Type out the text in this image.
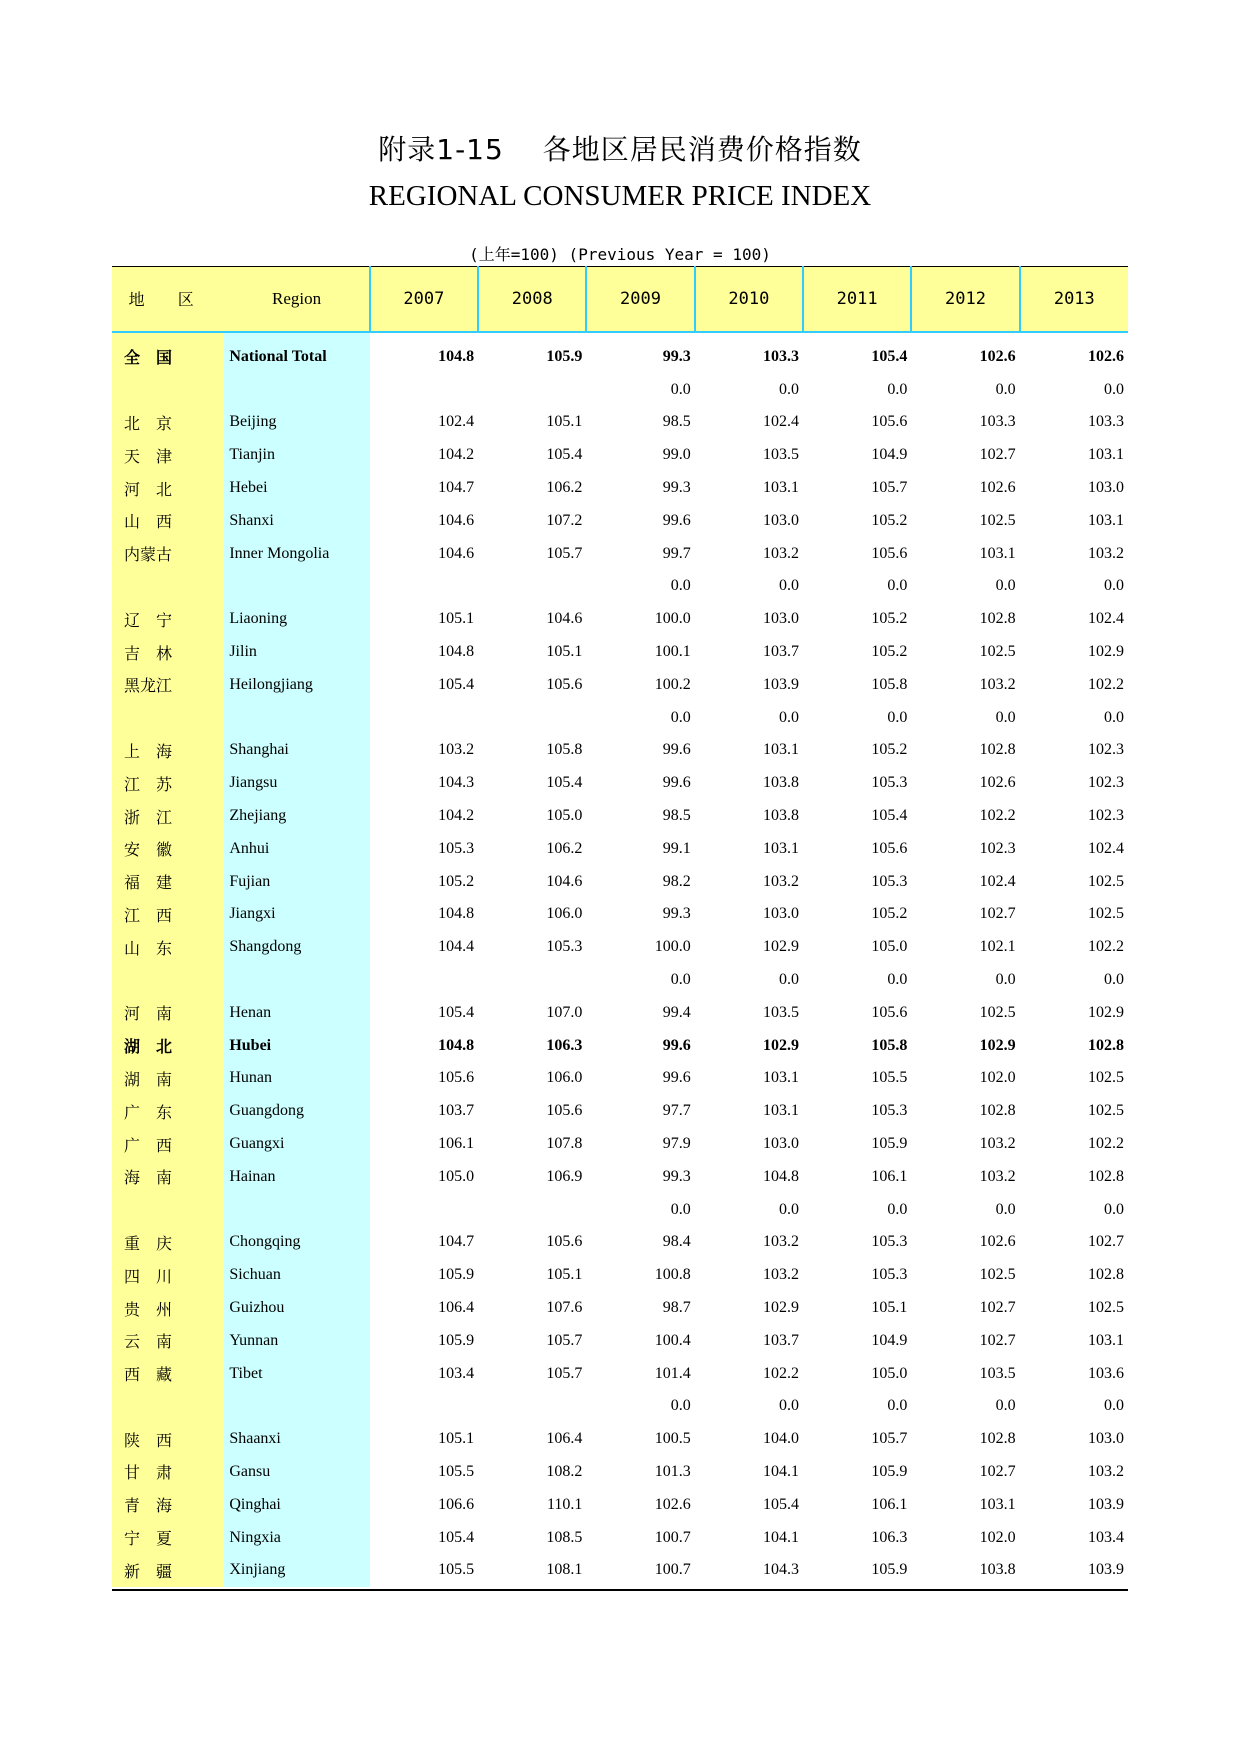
附录1-15　 各地区居民消费价格指数
REGIONAL CONSUMER PRICE INDEX
(上年=100) (Previous Year = 100)
地 区	Region	2007	2008	2009	2010	2011	2012	2013
全　国	National Total	104.8	105.9	99.3	103.3	105.4	102.6	102.6
				0.0	0.0	0.0	0.0	0.0
北　京	Beijing	102.4	105.1	98.5	102.4	105.6	103.3	103.3
天　津	Tianjin	104.2	105.4	99.0	103.5	104.9	102.7	103.1
河　北	Hebei	104.7	106.2	99.3	103.1	105.7	102.6	103.0
山　西	Shanxi	104.6	107.2	99.6	103.0	105.2	102.5	103.1
内蒙古	Inner Mongolia	104.6	105.7	99.7	103.2	105.6	103.1	103.2
				0.0	0.0	0.0	0.0	0.0
辽　宁	Liaoning	105.1	104.6	100.0	103.0	105.2	102.8	102.4
吉　林	Jilin	104.8	105.1	100.1	103.7	105.2	102.5	102.9
黑龙江	Heilongjiang	105.4	105.6	100.2	103.9	105.8	103.2	102.2
				0.0	0.0	0.0	0.0	0.0
上　海	Shanghai	103.2	105.8	99.6	103.1	105.2	102.8	102.3
江　苏	Jiangsu	104.3	105.4	99.6	103.8	105.3	102.6	102.3
浙　江	Zhejiang	104.2	105.0	98.5	103.8	105.4	102.2	102.3
安　徽	Anhui	105.3	106.2	99.1	103.1	105.6	102.3	102.4
福　建	Fujian	105.2	104.6	98.2	103.2	105.3	102.4	102.5
江　西	Jiangxi	104.8	106.0	99.3	103.0	105.2	102.7	102.5
山　东	Shangdong	104.4	105.3	100.0	102.9	105.0	102.1	102.2
				0.0	0.0	0.0	0.0	0.0
河　南	Henan	105.4	107.0	99.4	103.5	105.6	102.5	102.9
湖　北	Hubei	104.8	106.3	99.6	102.9	105.8	102.9	102.8
湖　南	Hunan	105.6	106.0	99.6	103.1	105.5	102.0	102.5
广　东	Guangdong	103.7	105.6	97.7	103.1	105.3	102.8	102.5
广　西	Guangxi	106.1	107.8	97.9	103.0	105.9	103.2	102.2
海　南	Hainan	105.0	106.9	99.3	104.8	106.1	103.2	102.8
				0.0	0.0	0.0	0.0	0.0
重　庆	Chongqing	104.7	105.6	98.4	103.2	105.3	102.6	102.7
四　川	Sichuan	105.9	105.1	100.8	103.2	105.3	102.5	102.8
贵　州	Guizhou	106.4	107.6	98.7	102.9	105.1	102.7	102.5
云　南	Yunnan	105.9	105.7	100.4	103.7	104.9	102.7	103.1
西　藏	Tibet	103.4	105.7	101.4	102.2	105.0	103.5	103.6
				0.0	0.0	0.0	0.0	0.0
陕　西	Shaanxi	105.1	106.4	100.5	104.0	105.7	102.8	103.0
甘　肃	Gansu	105.5	108.2	101.3	104.1	105.9	102.7	103.2
青　海	Qinghai	106.6	110.1	102.6	105.4	106.1	103.1	103.9
宁　夏	Ningxia	105.4	108.5	100.7	104.1	106.3	102.0	103.4
新　疆	Xinjiang	105.5	108.1	100.7	104.3	105.9	103.8	103.9
